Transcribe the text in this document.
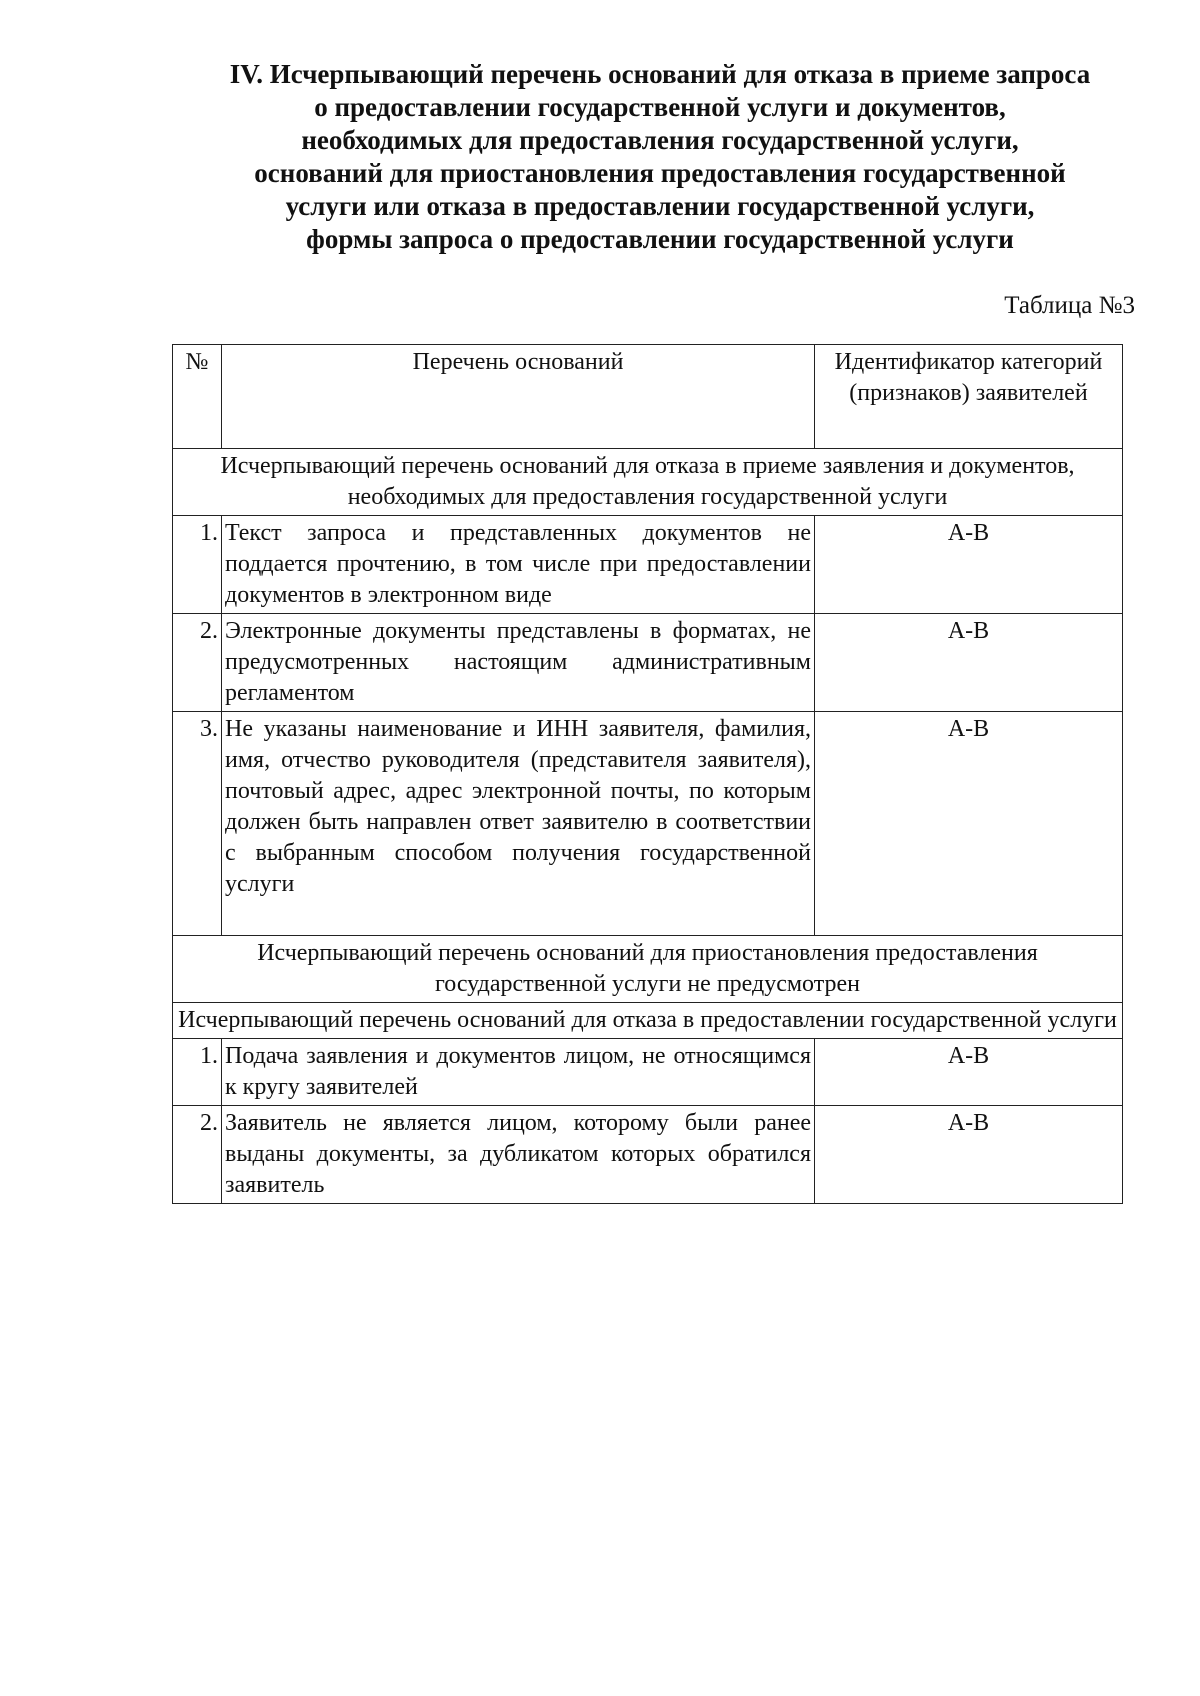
IV. Исчерпывающий перечень оснований для отказа в приеме запроса
о предоставлении государственной услуги и документов,
необходимых для предоставления государственной услуги,
оснований для приостановления предоставления государственной
услуги или отказа в предоставлении государственной услуги,
формы запроса о предоставлении государственной услуги
Таблица №3
№	Перечень оснований	Идентификатор категорий (признаков) заявителей
Исчерпывающий перечень оснований для отказа в приеме заявления и документов, необходимых для предоставления государственной услуги		
1.	Текст запроса и представленных документов не поддается прочтению, в том числе при предоставлении документов в электронном виде	А-В
2.	Электронные документы представлены в форматах, не предусмотренных настоящим административным регламентом	А-В
3.	Не указаны наименование и ИНН заявителя, фамилия, имя, отчество руководителя (представителя заявителя), почтовый адрес, адрес электронной почты, по которым должен быть направлен ответ заявителю в соответствии с выбранным способом получения государственной услуги	А-В
Исчерпывающий перечень оснований для приостановления предоставления государственной услуги не предусмотрен		
Исчерпывающий перечень оснований для отказа в предоставлении государственной услуги		
1.	Подача заявления и документов лицом, не относящимся к кругу заявителей	А-В
2.	Заявитель не является лицом, которому были ранее выданы документы, за дубликатом которых обратился заявитель	А-В
